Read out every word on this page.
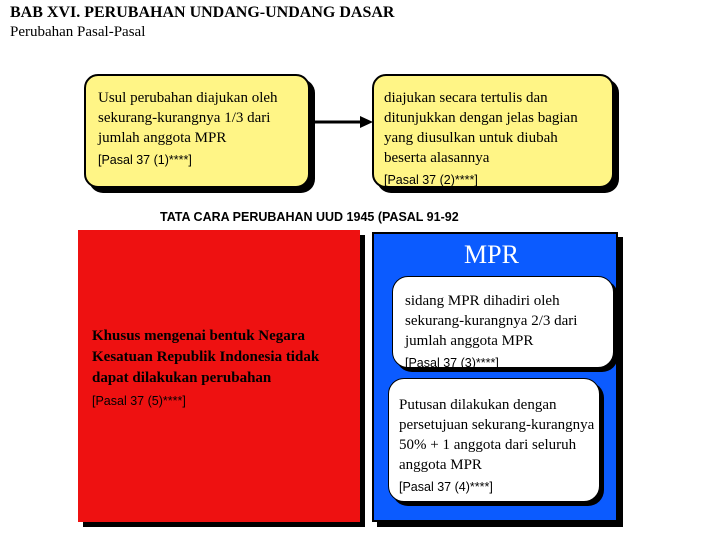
BAB XVI. PERUBAHAN UNDANG-UNDANG DASAR
Perubahan Pasal-Pasal
Usul perubahan diajukan oleh sekurang-kurangnya 1/3 dari jumlah anggota MPR
[Pasal 37 (1)****]
diajukan secara tertulis dan ditunjukkan dengan jelas bagian yang diusulkan untuk diubah beserta alasannya
[Pasal 37 (2)****]
TATA CARA PERUBAHAN UUD 1945 (PASAL 91-92
Khusus mengenai bentuk Negara Kesatuan Republik Indonesia tidak dapat dilakukan perubahan
[Pasal 37 (5)****]
MPR
sidang MPR dihadiri oleh sekurang-kurangnya 2/3 dari jumlah anggota MPR
[Pasal 37 (3)****]
Putusan dilakukan dengan persetujuan sekurang-kurangnya 50% + 1 anggota dari seluruh anggota MPR
[Pasal 37 (4)****]
